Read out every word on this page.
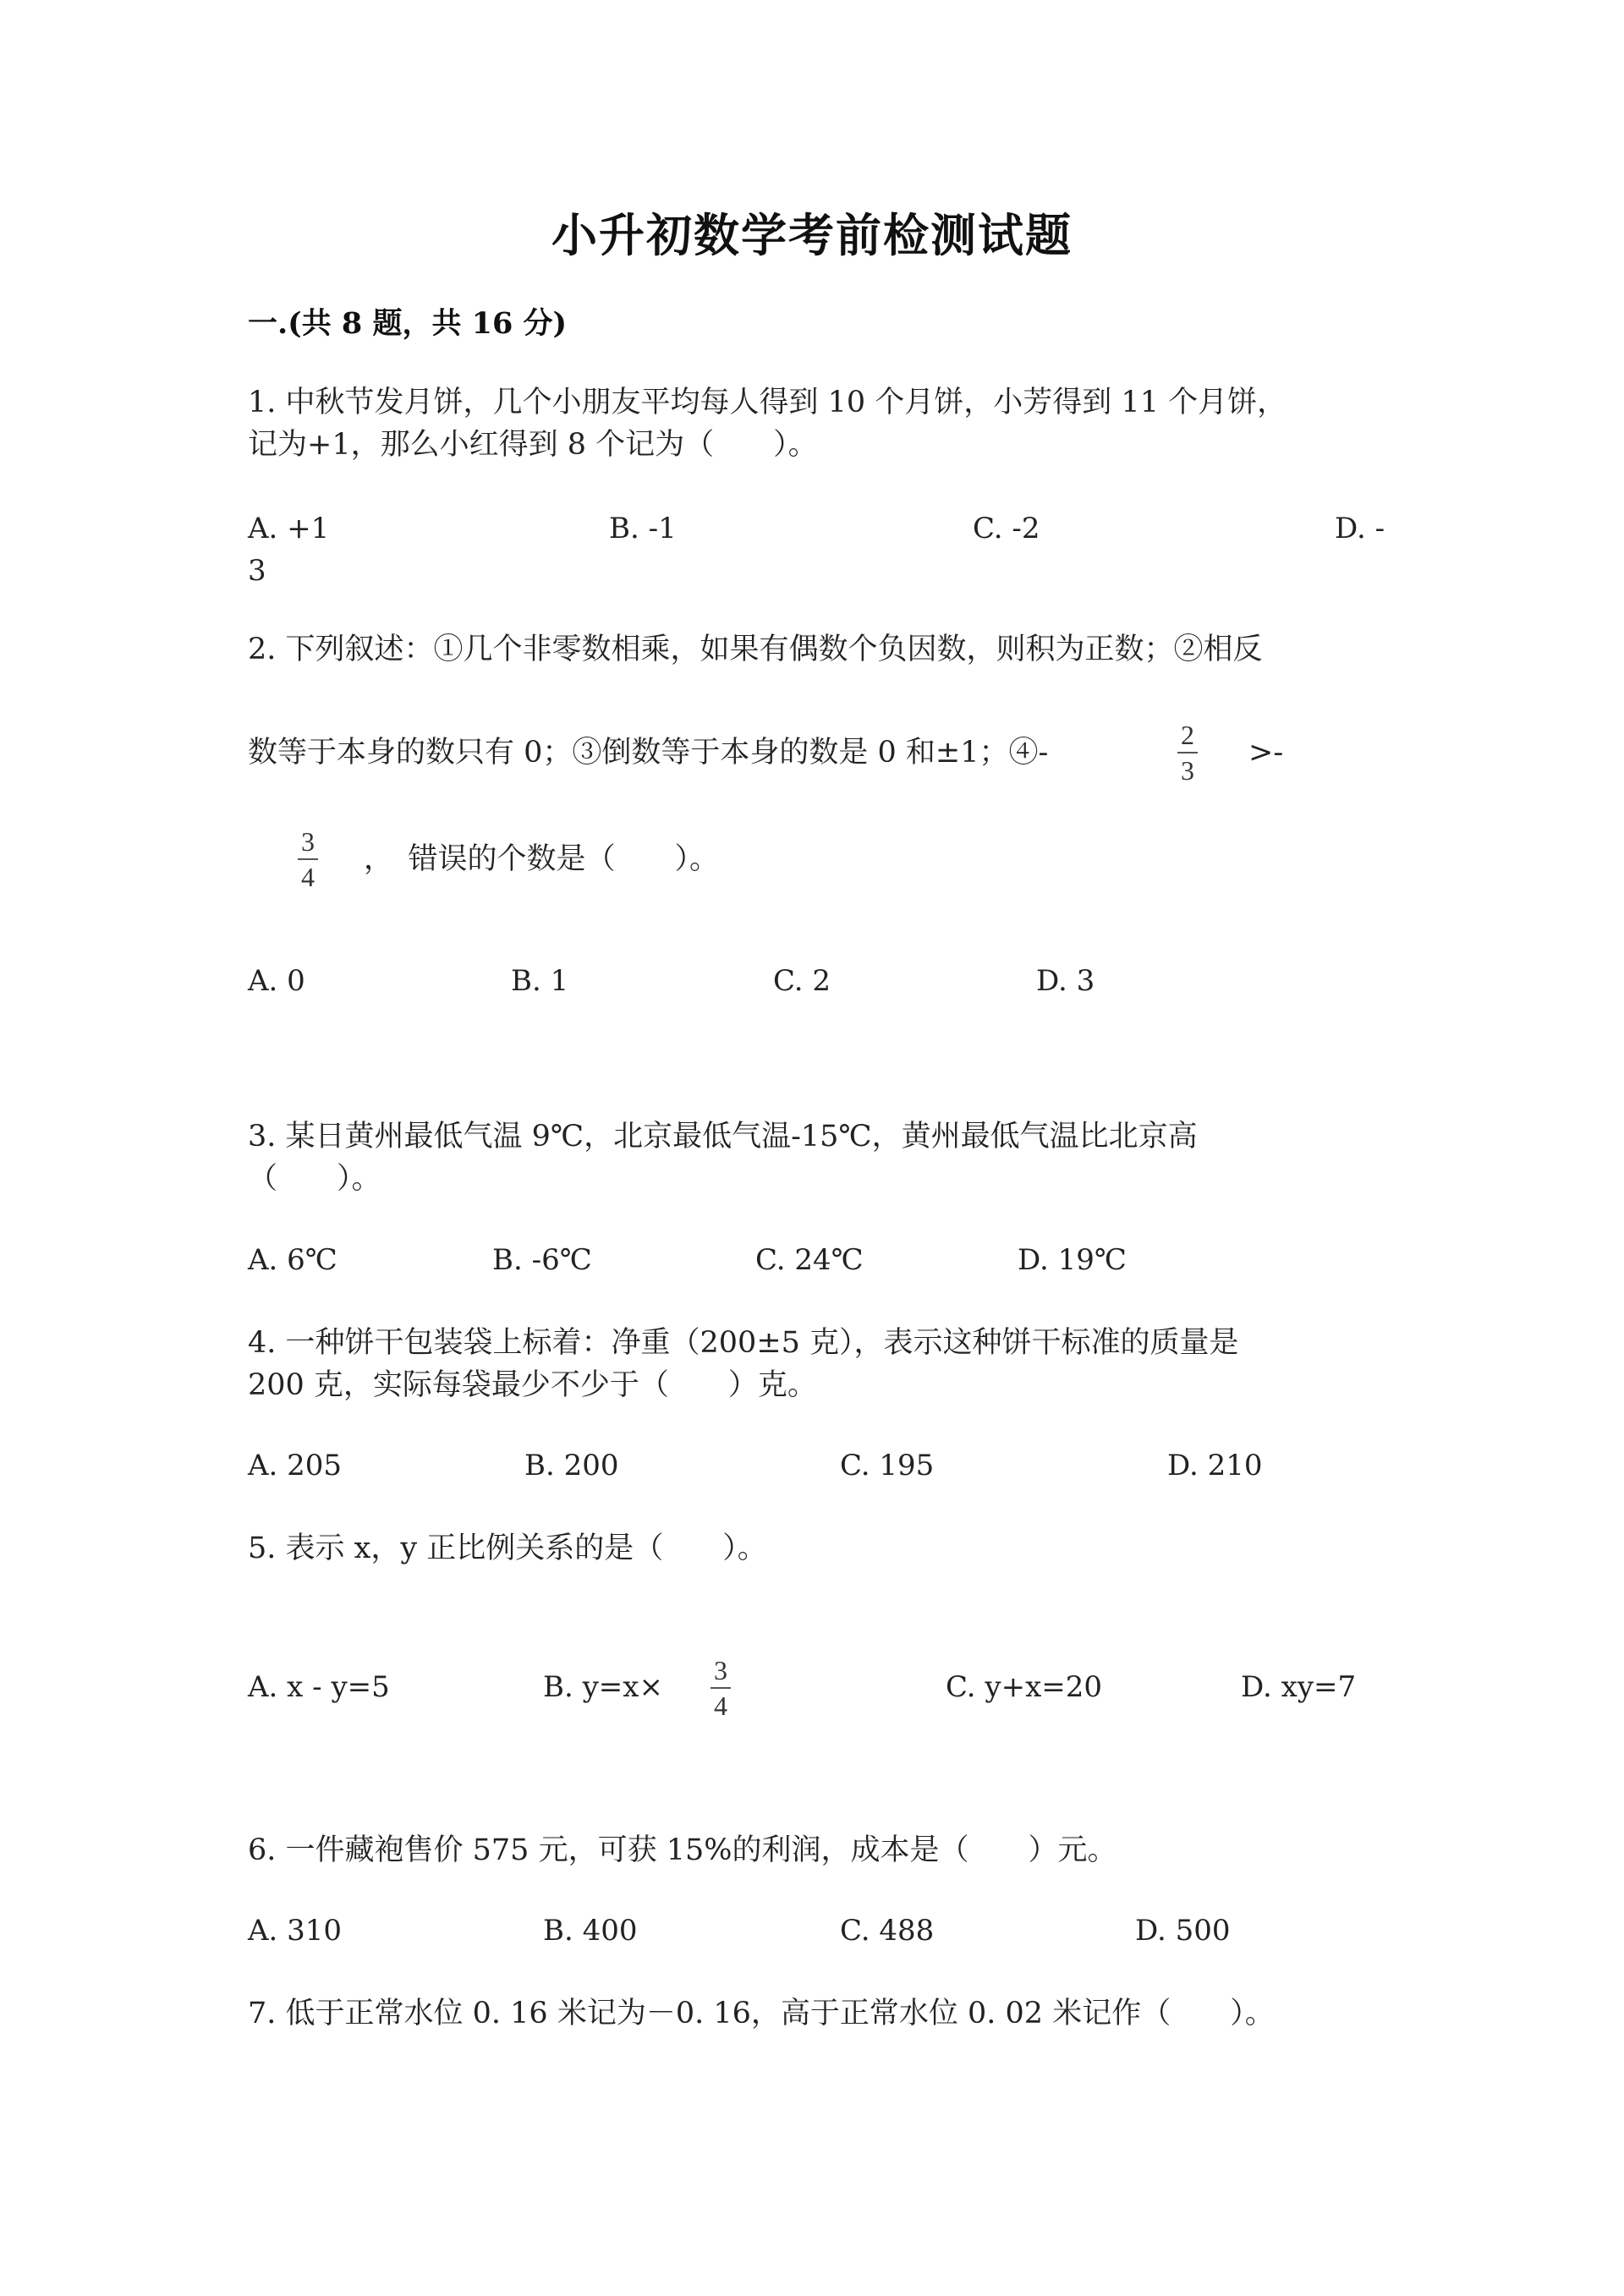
小升初数学考前检测试题
一.(共 8 题，共 16 分)
1. 中秋节发月饼，几个小朋友平均每人得到 10 个月饼，小芳得到 11 个月饼，
记为+1，那么小红得到 8 个记为（　　）。
A. +1	B. -1	C. -2	D. -
3
2. 下列叙述：①几个非零数相乘，如果有偶数个负因数，则积为正数；②相反
数等于本身的数只有 0；③倒数等于本身的数是 0 和±1；④-
2
3
>-
3
4
，　错误的个数是（　　）。
A. 0	B. 1	C. 2	D. 3
3. 某日黄州最低气温 9℃，北京最低气温-15℃，黄州最低气温比北京高
（　　）。
A. 6℃	B. -6℃	C. 24℃	D. 19℃
4. 一种饼干包装袋上标着：净重（200±5 克），表示这种饼干标准的质量是
200 克，实际每袋最少不少于（　　）克。
A. 205	B. 200	C. 195	D. 210
5. 表示 x，y 正比例关系的是（　　）。
A. x - y=5	B. y=x× 3
4
C. y+x=20	D. xy=7
6. 一件藏袍售价 575 元，可获 15%的利润，成本是（　　）元。
A. 310	B. 400	C. 488	D. 500
7. 低于正常水位 0. 16 米记为－0. 16，高于正常水位 0. 02 米记作（　　）。
